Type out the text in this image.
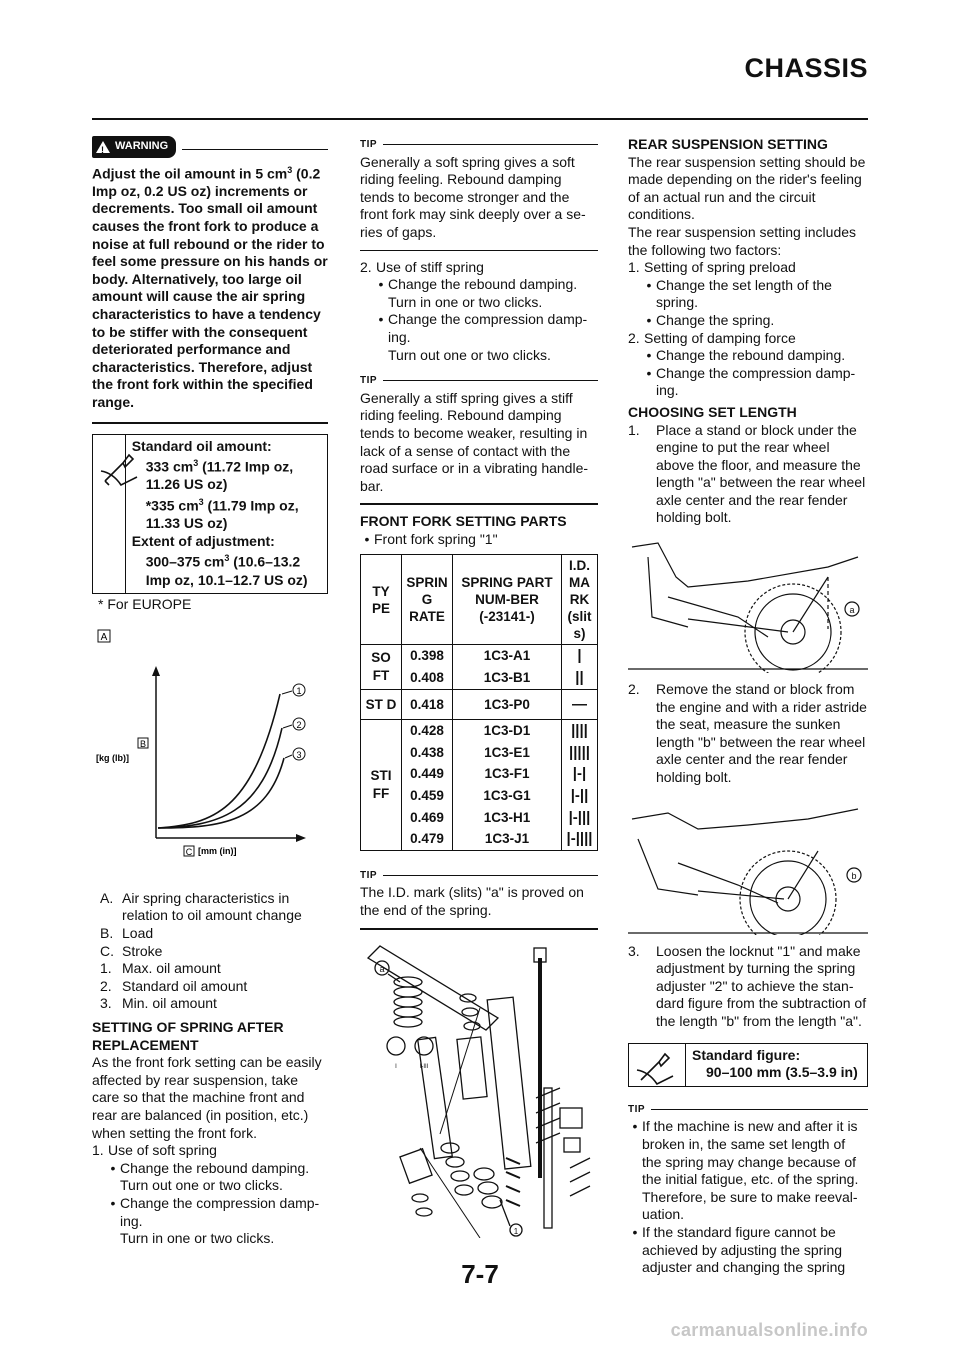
CHASSIS
! WARNING

Adjust the oil amount in 5 $cm^3$ (0.2 Imp oz, 0.2 US oz) increments or decrements. Too small oil amount causes the front fork to produce a noise at full rebound or the rider to feel some pressure on his hands or body. Alternatively, too large oil amount will cause the air spring characteristics to have a tendency to be stiffer with the consequent deteriorated performance and characteristics. Therefore, adjust the front fork within the specified range.

Standard oil amount:
333 $cm^3$ (11.72 Imp oz, 11.26 US oz)
*335 $cm^3$ (11.79 Imp oz, 11.33 US oz)
Extent of adjustment:
300–375 $cm^3$ (10.6–13.2 Imp oz, 10.1–12.7 US oz)

* For EUROPE

A
1
2
3
B
[kg (lb)]
C [mm (in)]
A. Air spring characteristics in relation to oil amount change
B. Load
C. Stroke
1. Max. oil amount
2. Standard oil amount
3. Min. oil amount

SETTING OF SPRING AFTER REPLACEMENT

As the front fork setting can be easily affected by rear suspension, take care so that the machine front and rear are balanced (in position, etc.) when setting the front fork.

1. Use of soft spring
• Change the rebound damping.
Turn out one or two clicks.
• Change the compression damp-ing.
Turn in one or two clicks.
TIP

Generally a soft spring gives a soft riding feeling. Rebound damping tends to become stronger and the front fork may sink deeply over a se-ries of gaps.

2. Use of stiff spring
• Change the rebound damping.
Turn in one or two clicks.
• Change the compression damp-ing.
Turn out one or two clicks.
TIP

Generally a stiff spring gives a stiff riding feeling. Rebound damping tends to become weaker, resulting in lack of a sense of contact with the road surface or in a vibrating handle-bar.

FRONT FORK SETTING PARTS

• Front fork spring "1"
TY PE	SPRIN G RATE	SPRING PART NUM-BER (-23141-)	I.D. MA RK (slit s)
SO FT	0.398	1C3-A1	|
	0.408	1C3-B1	||
ST D	0.418	1C3-P0	—
STI FF	0.428	1C3-D1	||||
	0.438	1C3-E1	|||||
	0.449	1C3-F1	|-|
	0.459	1C3-G1	|-||
	0.469	1C3-H1	|-|||
	0.479	1C3-J1	|-||||
TIP

The I.D. mark (slits) "a" is proved on the end of the spring.

a
I	I-III
1

REAR SUSPENSION SETTING

The rear suspension setting should be made depending on the rider's feeling of an actual run and the circuit conditions.

The rear suspension setting includes the following two factors:

1. Setting of spring preload
• Change the set length of the spring.
• Change the spring.
2. Setting of damping force
• Change the rebound damping.
• Change the compression damp-ing.

CHOOSING SET LENGTH

1.	Place a stand or block under the engine to put the rear wheel above the floor, and measure the length "a" between the rear wheel axle center and the rear fender holding bolt.
a
2.	Remove the stand or block from the engine and with a rider astride the seat, measure the sunken length "b" between the rear wheel axle center and the rear fender holding bolt.
b
3.	Loosen the locknut "1" and make adjustment by turning the spring adjuster "2" to achieve the stan-dard figure from the subtraction of the length "b" from the length "a".
Standard figure:
90–100 mm (3.5–3.9 in)
TIP
• If the machine is new and after it is broken in, the same set length of the spring may change because of the initial fatigue, etc. of the spring. Therefore, be sure to make reeval-uation.
• If the standard figure cannot be achieved by adjusting the spring adjuster and changing the spring
7-7
carmanualsonline.info
